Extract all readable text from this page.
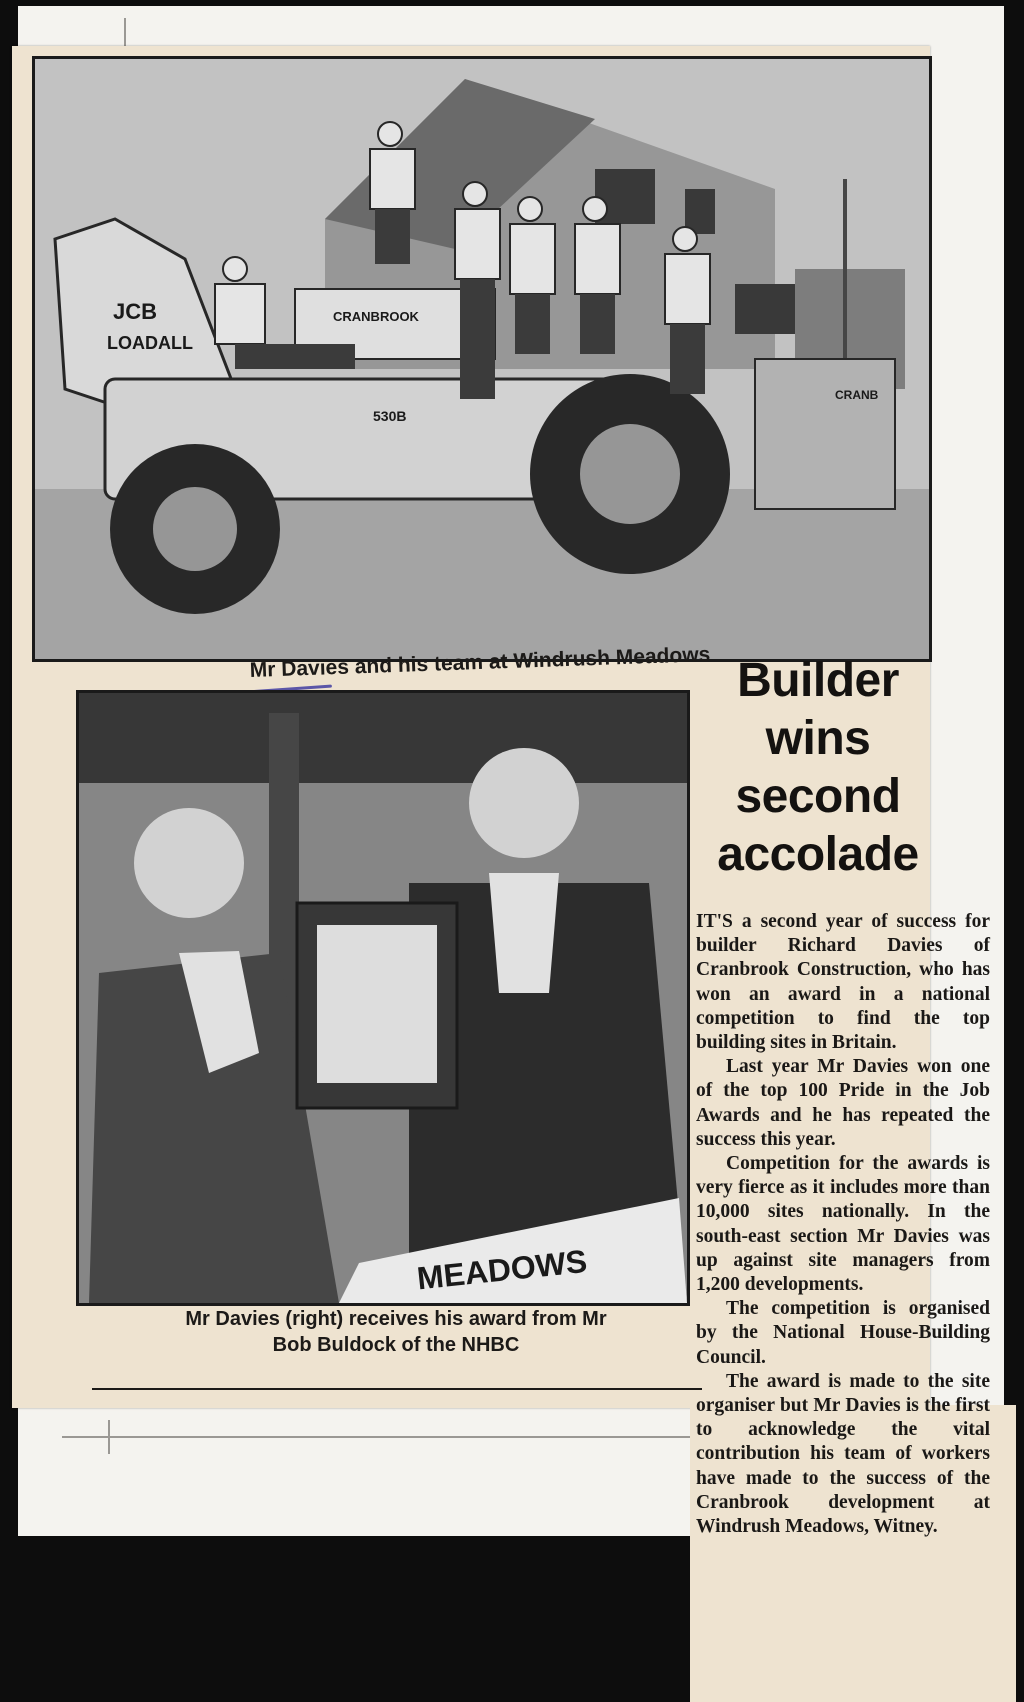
JCB
LOADALL
CRANBROOK
530B
CRANB

Mr Davies and his team at Windrush Meadows Builder
wins
second
accolade
MEADOWS

Mr Davies (right) receives his award from Mr
Bob Buldock of the NHBC

IT'S a second year of success for builder Richard Davies of Cranbrook Construction, who has won an award in a national competition to find the top building sites in Britain.

Last year Mr Davies won one of the top 100 Pride in the Job Awards and he has repeated the success this year.

Competition for the awards is very fierce as it includes more than 10,000 sites nationally. In the south-east section Mr Davies was up against site managers from 1,200 developments.

The competition is organised by the National House-Building Council.

The award is made to the site organiser but Mr Davies is the first to acknowledge the vital contribution his team of workers have made to the success of the Cranbrook development at Windrush Meadows, Witney.
